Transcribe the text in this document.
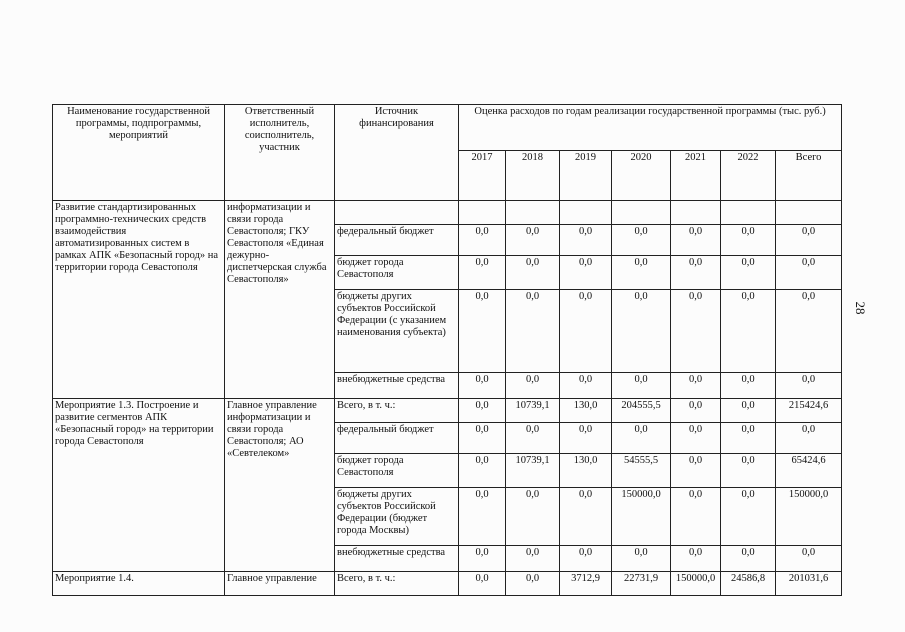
28
Наименование государственной программы, подпрограммы, мероприятий	Ответственный исполнитель, соисполнитель, участник	Источник финансирования	Оценка расходов по годам реализации государственной программы (тыс. руб.)						
			2017	2018	2019	2020	2021	2022	Всего
Развитие стандартизированных программно-технических средств взаимодействия автоматизированных систем в рамках АПК «Безопасный город» на территории города Севастополя	информатизации и связи города Севастополя; ГКУ Севастополя «Единая дежурно-диспетчерская служба Севастополя»								
		федеральный бюджет	0,0	0,0	0,0	0,0	0,0	0,0	0,0
		бюджет города Севастополя	0,0	0,0	0,0	0,0	0,0	0,0	0,0
		бюджеты других субъектов Российской Федерации (с указанием наименования субъекта)	0,0	0,0	0,0	0,0	0,0	0,0	0,0
		внебюджетные средства	0,0	0,0	0,0	0,0	0,0	0,0	0,0
Мероприятие 1.3. Построение и развитие сегментов АПК «Безопасный город» на территории города Севастополя	Главное управление информатизации и связи города Севастополя; АО «Севтелеком»	Всего, в т. ч.:	0,0	10739,1	130,0	204555,5	0,0	0,0	215424,6
		федеральный бюджет	0,0	0,0	0,0	0,0	0,0	0,0	0,0
		бюджет города Севастополя	0,0	10739,1	130,0	54555,5	0,0	0,0	65424,6
		бюджеты других субъектов Российской Федерации (бюджет города Москвы)	0,0	0,0	0,0	150000,0	0,0	0,0	150000,0
		внебюджетные средства	0,0	0,0	0,0	0,0	0,0	0,0	0,0
Мероприятие 1.4.	Главное управление	Всего, в т. ч.:	0,0	0,0	3712,9	22731,9	150000,0	24586,8	201031,6
